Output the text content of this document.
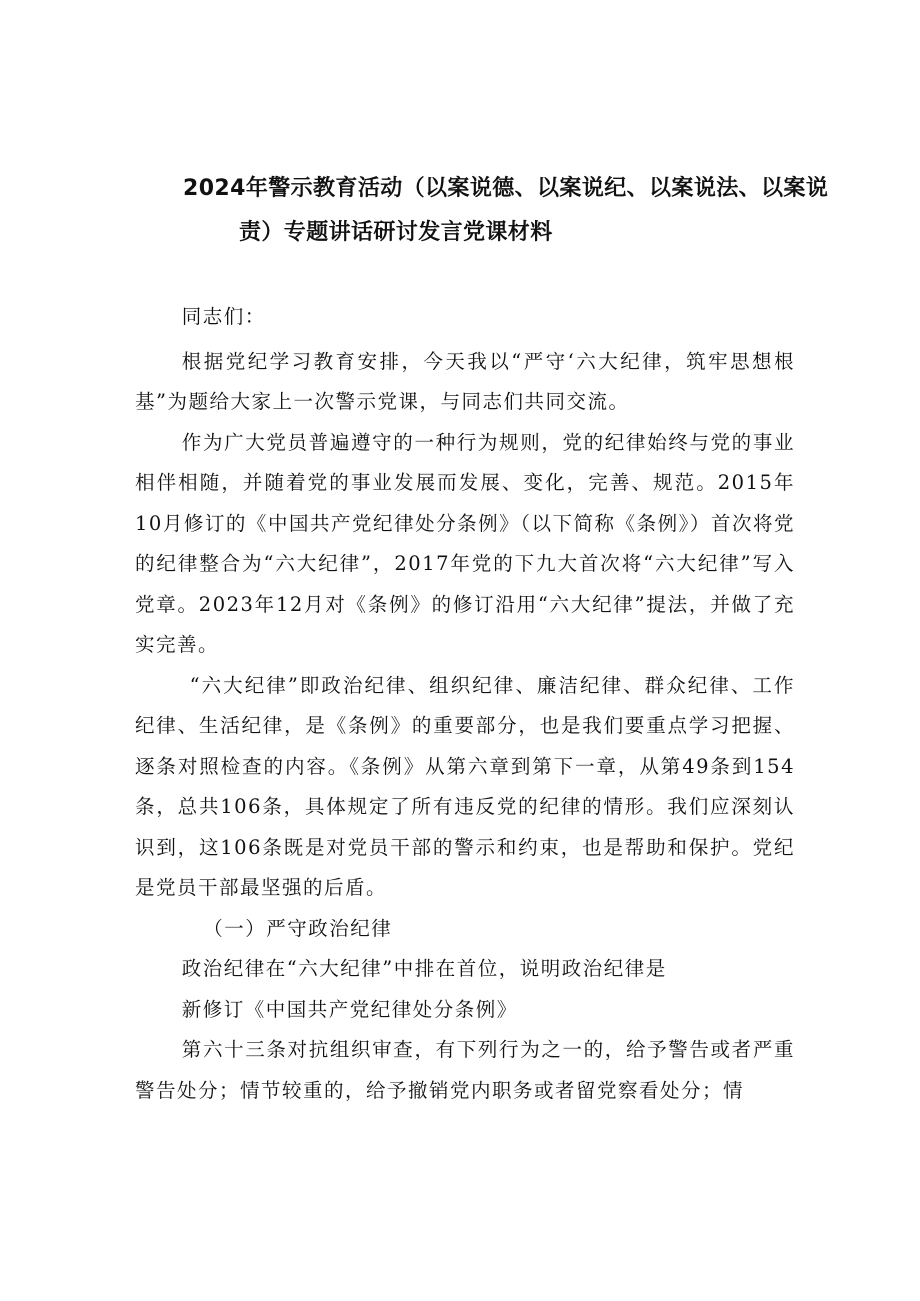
2024年警示教育活动（以案说德、以案说纪、以案说法、以案说
责）专题讲话研讨发言党课材料

同志们：

根据党纪学习教育安排，今天我以“严守‘六大纪律，筑牢思想根基”为题给大家上一次警示党课，与同志们共同交流。

作为广大党员普遍遵守的一种行为规则，党的纪律始终与党的事业相伴相随，并随着党的事业发展而发展、变化，完善、规范。2015年10月修订的《中国共产党纪律处分条例》（以下简称《条例》）首次将党的纪律整合为“六大纪律”，2017年党的下九大首次将“六大纪律”写入党章。2023年12月对《条例》的修订沿用“六大纪律”提法，并做了充实完善。

“六大纪律”即政治纪律、组织纪律、廉洁纪律、群众纪律、工作纪律、生活纪律，是《条例》的重要部分，也是我们要重点学习把握、逐条对照检查的内容。《条例》从第六章到第下一章，从第49条到154条，总共106条，具体规定了所有违反党的纪律的情形。我们应深刻认识到，这106条既是对党员干部的警示和约束，也是帮助和保护。党纪是党员干部最坚强的后盾。

（一）严守政治纪律

政治纪律在“六大纪律”中排在首位，说明政治纪律是

新修订《中国共产党纪律处分条例》

第六十三条对抗组织审查，有下列行为之一的，给予警告或者严重警告处分；情节较重的，给予撤销党内职务或者留党察看处分；情
